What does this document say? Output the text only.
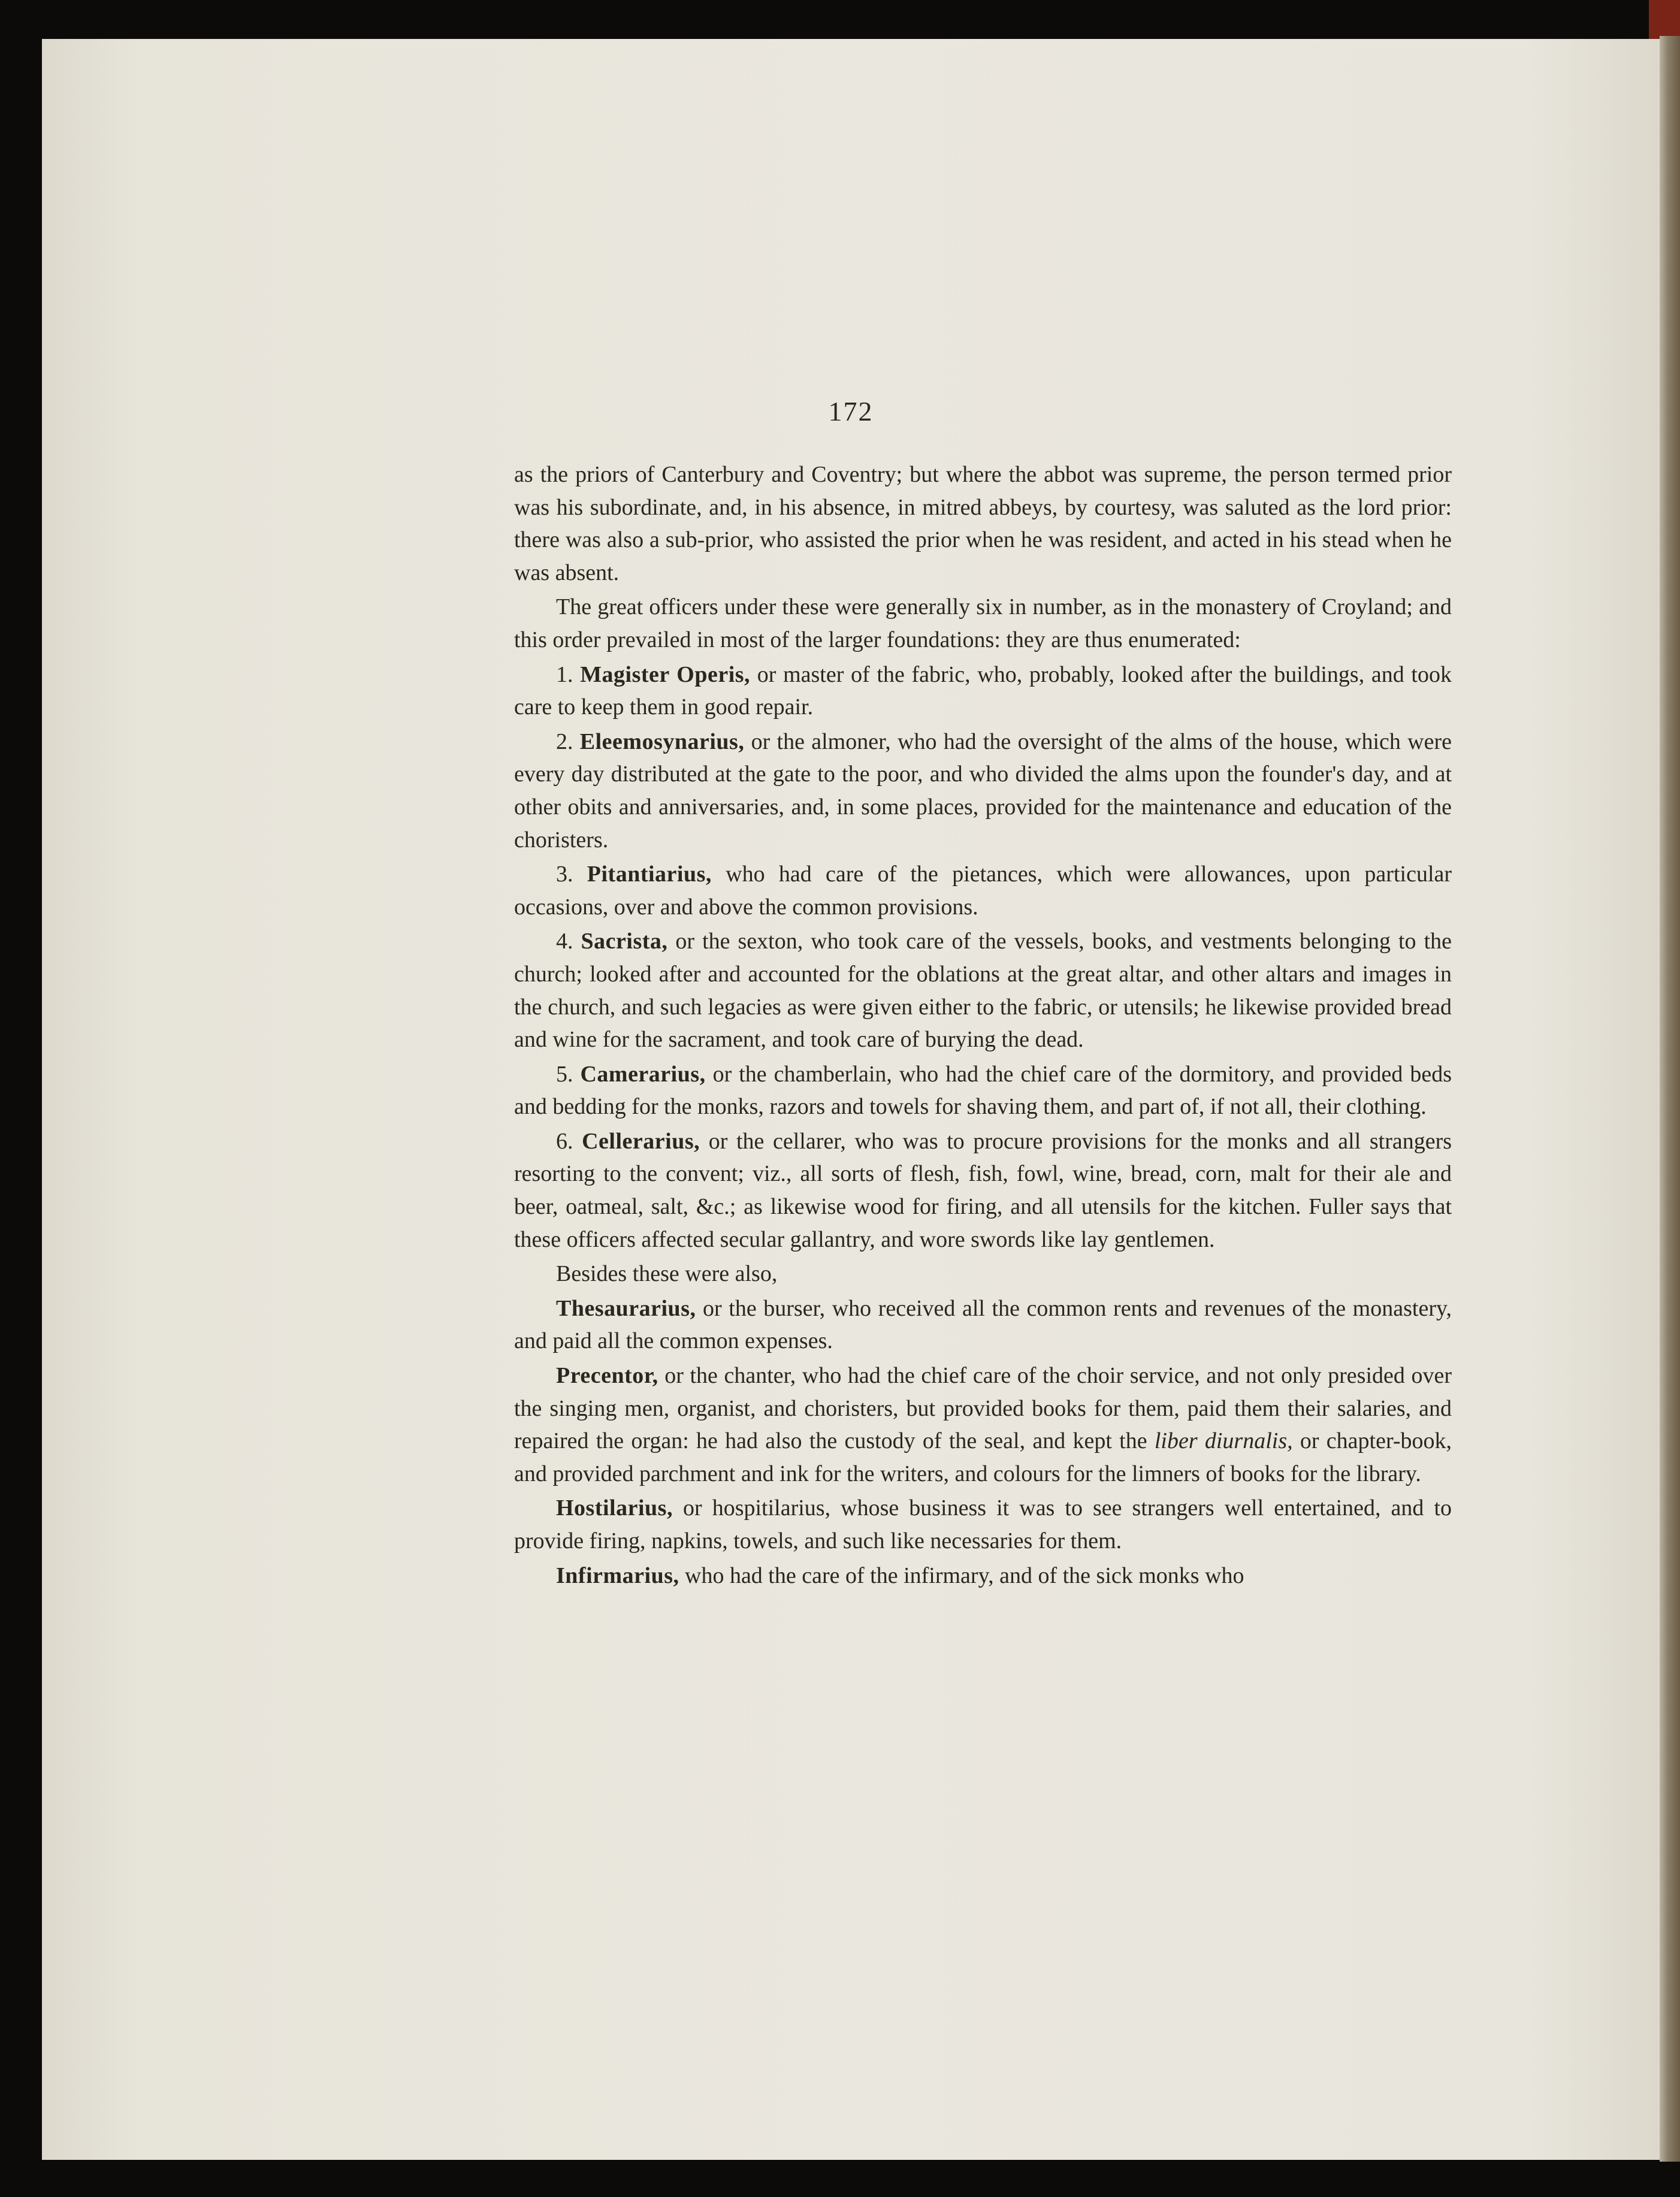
172

as the priors of Canterbury and Coventry; but where the abbot was supreme, the person termed prior was his subordinate, and, in his absence, in mitred abbeys, by courtesy, was saluted as the lord prior: there was also a sub-prior, who assisted the prior when he was resident, and acted in his stead when he was absent.

The great officers under these were generally six in number, as in the monastery of Croyland; and this order prevailed in most of the larger foundations: they are thus enumerated:

1. Magister Operis, or master of the fabric, who, probably, looked after the buildings, and took care to keep them in good repair.

2. Eleemosynarius, or the almoner, who had the oversight of the alms of the house, which were every day distributed at the gate to the poor, and who divided the alms upon the founder's day, and at other obits and anniversaries, and, in some places, provided for the maintenance and education of the choristers.

3. Pitantiarius, who had care of the pietances, which were allowances, upon particular occasions, over and above the common provisions.

4. Sacrista, or the sexton, who took care of the vessels, books, and vestments belonging to the church; looked after and accounted for the oblations at the great altar, and other altars and images in the church, and such legacies as were given either to the fabric, or utensils; he likewise provided bread and wine for the sacrament, and took care of burying the dead.

5. Camerarius, or the chamberlain, who had the chief care of the dormitory, and provided beds and bedding for the monks, razors and towels for shaving them, and part of, if not all, their clothing.

6. Cellerarius, or the cellarer, who was to procure provisions for the monks and all strangers resorting to the convent; viz., all sorts of flesh, fish, fowl, wine, bread, corn, malt for their ale and beer, oatmeal, salt, &c.; as likewise wood for firing, and all utensils for the kitchen. Fuller says that these officers affected secular gallantry, and wore swords like lay gentlemen.

Besides these were also,

Thesaurarius, or the burser, who received all the common rents and revenues of the monastery, and paid all the common expenses.

Precentor, or the chanter, who had the chief care of the choir service, and not only presided over the singing men, organist, and choristers, but provided books for them, paid them their salaries, and repaired the organ: he had also the custody of the seal, and kept the liber diurnalis, or chapter-book, and provided parchment and ink for the writers, and colours for the limners of books for the library.

Hostilarius, or hospitilarius, whose business it was to see strangers well entertained, and to provide firing, napkins, towels, and such like necessaries for them.

Infirmarius, who had the care of the infirmary, and of the sick monks who
